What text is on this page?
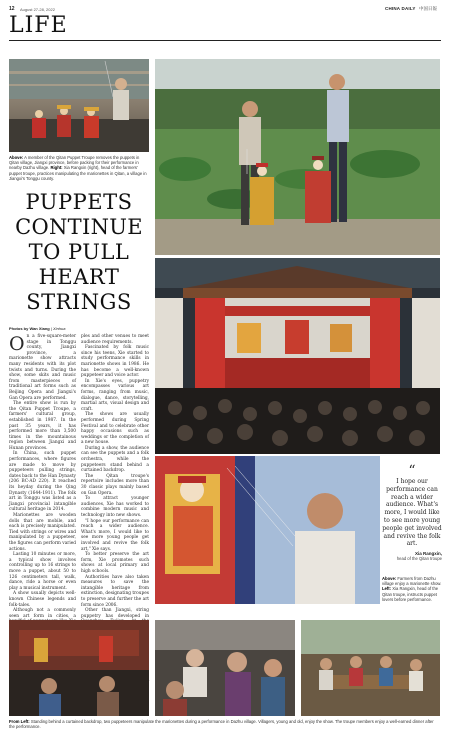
12 August 27-28, 2022	CHINA DAILY 中国日報
LIFE
Above: A member of the Qitan Puppet Troupe removes the puppets in Qitan village, Jiangxi province, before packing for their performance in nearby Dazhu village. Right: Xia Rangxin (right), head of the farmers' puppet troupe, practices manipulating the marionettes in Qitan, a village in Jiangxi's Tonggu county.
PUPPETS
CONTINUE
TO PULL
HEART
STRINGS
Photos by Wan Xiang | Xinhua

On a five-square-meter stage in Tonggu county, Jiangxi province, a marionette show attracts many residents with its plot twists and turns. During the show, some skits and music from masterpieces of traditional art forms such as Beijing Opera and Jiangxi's Gan Opera are performed.

The entire show is run by the Qitan Puppet Troupe, a farmers' cultural group, established in 1987. In the past 35 years, it has performed more than 3,500 times in the mountainous region between Jiangxi and Hunan provinces.

In China, such puppet performances, where figures are made to move by puppeteers pulling strings, dates back to the Han Dynasty (206 BC-AD 220). It reached its heyday during the Qing Dynasty (1644-1911). The folk art in Tonggu was listed as a Jiangxi provincial intangible cultural heritage in 2014.

Marionettes are wooden dolls that are mobile, and each is precisely manipulated. Tied with strings or wires and manipulated by a puppeteer, the figures can perform varied actions.

Lasting 10 minutes or more, a typical show involves controlling up to 16 strings to move a puppet, about 50 to 126 centimeters tall, walk, dance, ride a horse or even play a musical instrument.

A show usually depicts well-known Chinese legends and folk-tales.

Although not a commonly seen art form in cities, a

ples and other venues to meet audience requirements.

Fascinated by folk music since his teens, Xie started to study performance skills in marionette shows in 1986. He has become a well-known puppeteer and voice actor.

In Xie's eyes, puppetry encompasses various art forms, ranging from music, dialogue, dance, storytelling, martial arts, visual design and craft.

The shows are usually performed during Spring Festival and to celebrate other happy occasions such as weddings or the completion of a new house.

During a show, the audience can see the puppets and a folk orchestra, while the puppeteers stand behind a curtained backdrop.

The Qitan troupe's repertoire includes more than 30 classic plays mainly based on Gan Opera.

To attract younger audiences, Xie has worked to combine modern music and technology into new shows.

"I hope our performance can reach a wider audience. What's more, I would like to see more young people get involved and revive the folk art," Xie says.

To better preserve the art form, Xie promotes such shows at local primary and high schools.

Authorities have also taken measures to save the intangible heritage from extinction, designating troupes to preserve and further the art form since 2006.

Other than Jiangxi, string puppetry has developed in

“
I hope our performance can reach a wider audience. What's more, I would like to see more young people get involved and revive the folk art.
Xia Rangxin,
head of the Qitan troupe
Above: Farmers from Dazhu village enjoy a marionette show. Left: Xia Rangxin, head of the Qitan troupe, instructs puppet lovers before performance.
From Left: Standing behind a curtained backdrop, two puppeteers manipulate the marionettes during a performance in Dazhu village. Villagers, young and old, enjoy the show. The troupe members enjoy a well-earned dinner after the performance.
